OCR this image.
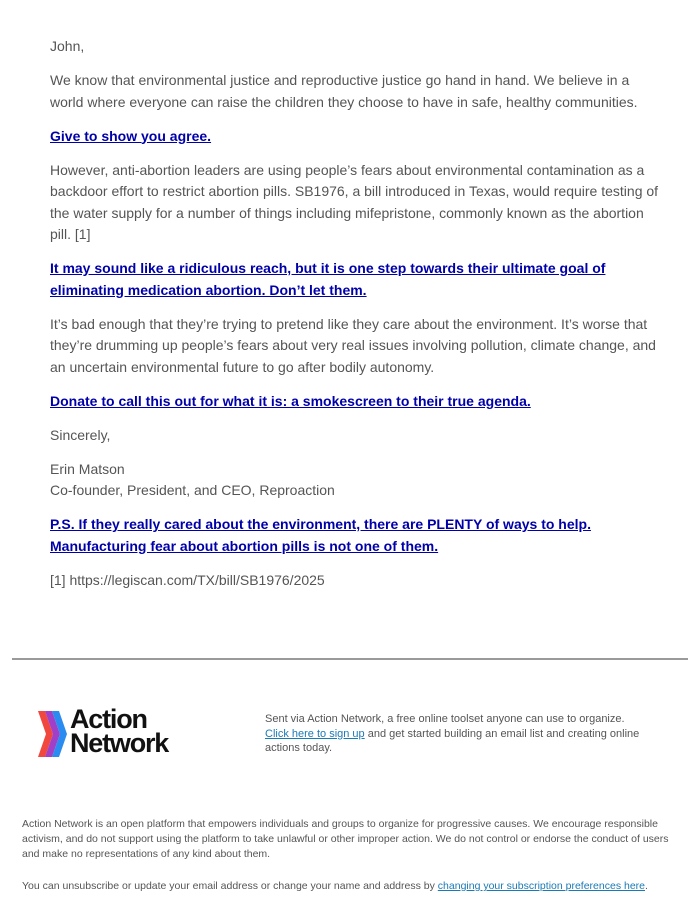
John,

We know that environmental justice and reproductive justice go hand in hand. We believe in a world where everyone can raise the children they choose to have in safe, healthy communities.

Give to show you agree.

However, anti-abortion leaders are using people’s fears about environmental contamination as a backdoor effort to restrict abortion pills. SB1976, a bill introduced in Texas, would require testing of the water supply for a number of things including mifepristone, commonly known as the abortion pill. [1]

It may sound like a ridiculous reach, but it is one step towards their ultimate goal of eliminating medication abortion. Don’t let them.

It’s bad enough that they’re trying to pretend like they care about the environment. It’s worse that they’re drumming up people’s fears about very real issues involving pollution, climate change, and an uncertain environmental future to go after bodily autonomy.

Donate to call this out for what it is: a smokescreen to their true agenda.

Sincerely,

Erin Matson

Co-founder, President, and CEO, Reproaction

P.S. If they really cared about the environment, there are PLENTY of ways to help. Manufacturing fear about abortion pills is not one of them.

[1] https://legiscan.com/TX/bill/SB1976/2025

Action
Network
Sent via Action Network, a free online toolset anyone can use to organize. Click here to sign up and get started building an email list and creating online actions today.
Action Network is an open platform that empowers individuals and groups to organize for progressive causes. We encourage responsible activism, and do not support using the platform to take unlawful or other improper action. We do not control or endorse the conduct of users and make no representations of any kind about them.
You can unsubscribe or update your email address or change your name and address by changing your subscription preferences here.
